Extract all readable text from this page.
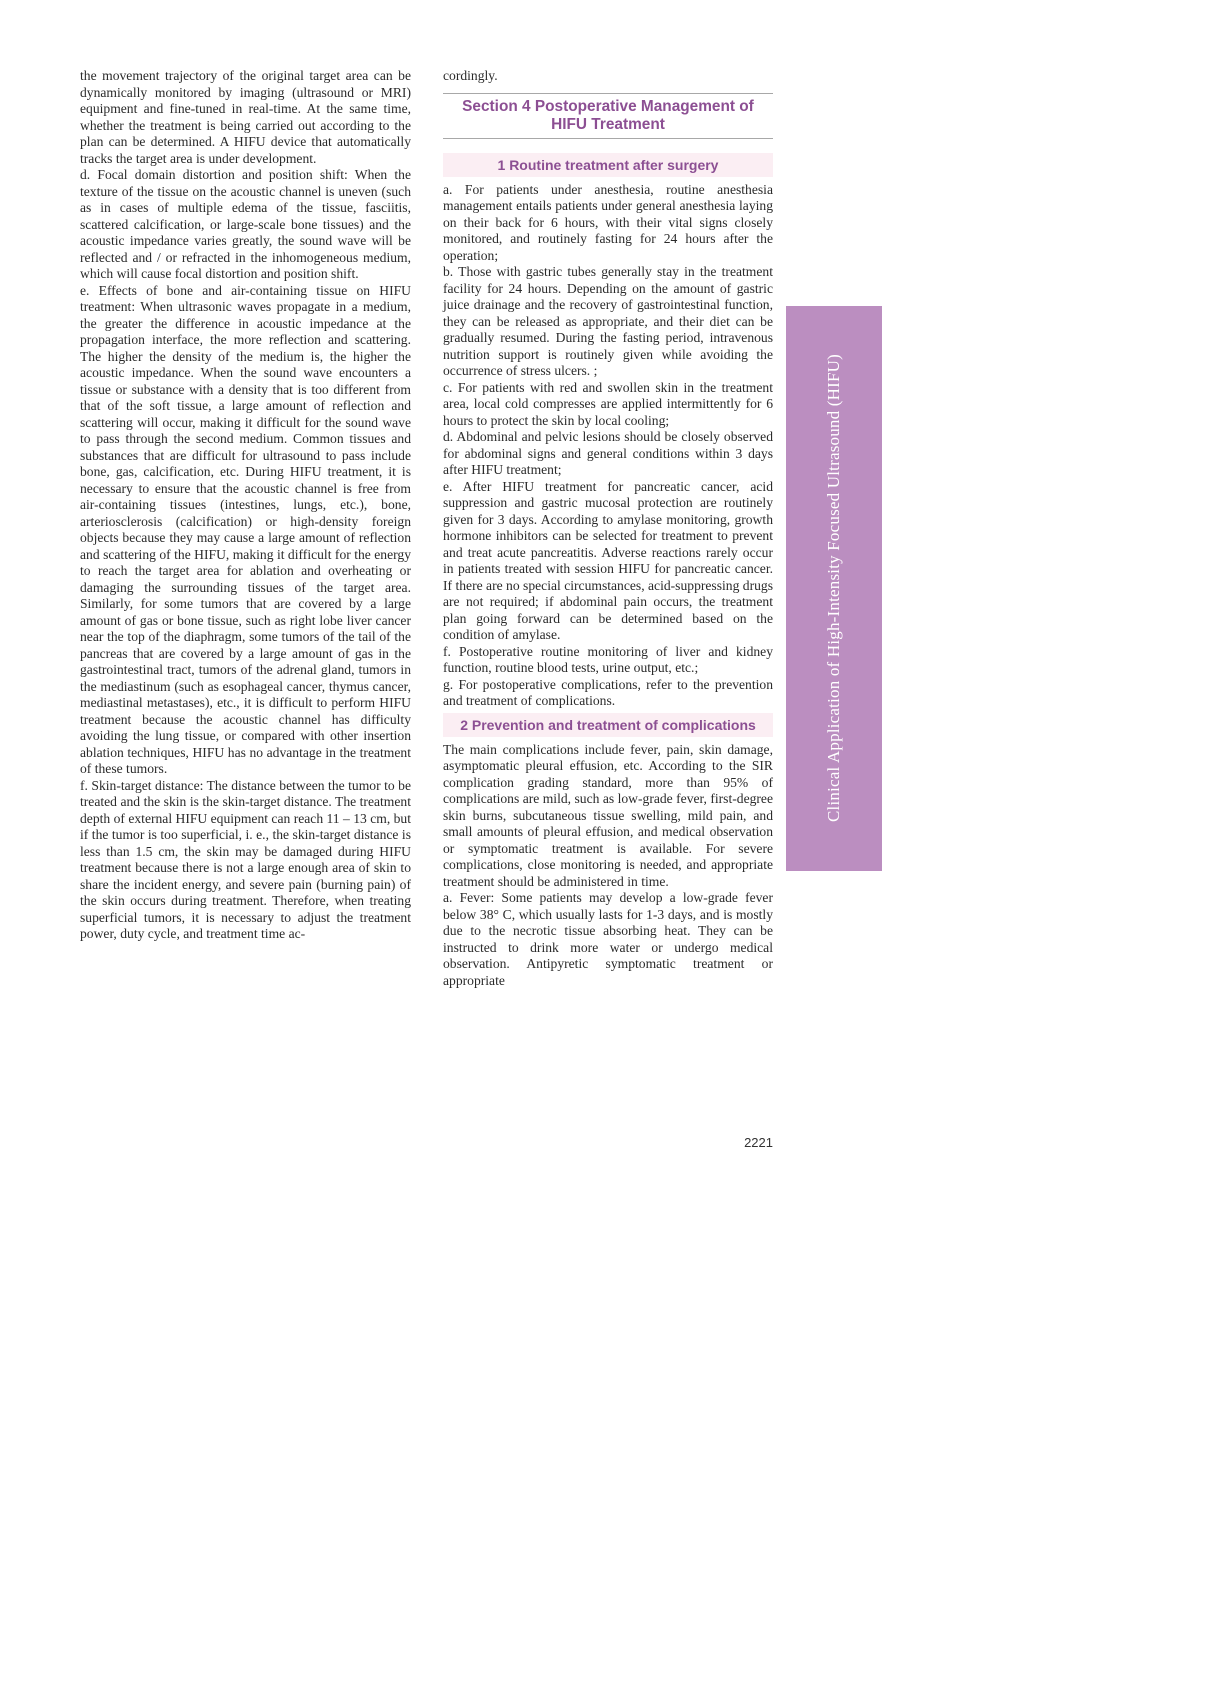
the movement trajectory of the original target area can be dynamically monitored by imaging (ultrasound or MRI) equipment and fine-tuned in real-time. At the same time, whether the treatment is being carried out according to the plan can be determined. A HIFU device that automatically tracks the target area is under development.

d. Focal domain distortion and position shift: When the texture of the tissue on the acoustic channel is uneven (such as in cases of multiple edema of the tissue, fasciitis, scattered calcification, or large-scale bone tissues) and the acoustic impedance varies greatly, the sound wave will be reflected and / or refracted in the inhomogeneous medium, which will cause focal distortion and position shift.

e. Effects of bone and air-containing tissue on HIFU treatment: When ultrasonic waves propagate in a medium, the greater the difference in acoustic impedance at the propagation interface, the more reflection and scattering. The higher the density of the medium is, the higher the acoustic impedance. When the sound wave encounters a tissue or substance with a density that is too different from that of the soft tissue, a large amount of reflection and scattering will occur, making it difficult for the sound wave to pass through the second medium. Common tissues and substances that are difficult for ultrasound to pass include bone, gas, calcification, etc. During HIFU treatment, it is necessary to ensure that the acoustic channel is free from air-containing tissues (intestines, lungs, etc.), bone, arteriosclerosis (calcification) or high-density foreign objects because they may cause a large amount of reflection and scattering of the HIFU, making it difficult for the energy to reach the target area for ablation and overheating or damaging the surrounding tissues of the target area. Similarly, for some tumors that are covered by a large amount of gas or bone tissue, such as right lobe liver cancer near the top of the diaphragm, some tumors of the tail of the pancreas that are covered by a large amount of gas in the gastrointestinal tract, tumors of the adrenal gland, tumors in the mediastinum (such as esophageal cancer, thymus cancer, mediastinal metastases), etc., it is difficult to perform HIFU treatment because the acoustic channel has difficulty avoiding the lung tissue, or compared with other insertion ablation techniques, HIFU has no advantage in the treatment of these tumors.

f. Skin-target distance: The distance between the tumor to be treated and the skin is the skin-target distance. The treatment depth of external HIFU equipment can reach 11 – 13 cm, but if the tumor is too superficial, i. e., the skin-target distance is less than 1.5 cm, the skin may be damaged during HIFU treatment because there is not a large enough area of skin to share the incident energy, and severe pain (burning pain) of the skin occurs during treatment. Therefore, when treating superficial tumors, it is necessary to adjust the treatment power, duty cycle, and treatment time ac-

cordingly.

Section 4 Postoperative Management of HIFU Treatment
1 Routine treatment after surgery

a. For patients under anesthesia, routine anesthesia management entails patients under general anesthesia laying on their back for 6 hours, with their vital signs closely monitored, and routinely fasting for 24 hours after the operation;

b. Those with gastric tubes generally stay in the treatment facility for 24 hours. Depending on the amount of gastric juice drainage and the recovery of gastrointestinal function, they can be released as appropriate, and their diet can be gradually resumed. During the fasting period, intravenous nutrition support is routinely given while avoiding the occurrence of stress ulcers. ;

c. For patients with red and swollen skin in the treatment area, local cold compresses are applied intermittently for 6 hours to protect the skin by local cooling;

d. Abdominal and pelvic lesions should be closely observed for abdominal signs and general conditions within 3 days after HIFU treatment;

e. After HIFU treatment for pancreatic cancer, acid suppression and gastric mucosal protection are routinely given for 3 days. According to amylase monitoring, growth hormone inhibitors can be selected for treatment to prevent and treat acute pancreatitis. Adverse reactions rarely occur in patients treated with session HIFU for pancreatic cancer. If there are no special circumstances, acid-suppressing drugs are not required; if abdominal pain occurs, the treatment plan going forward can be determined based on the condition of amylase.

f. Postoperative routine monitoring of liver and kidney function, routine blood tests, urine output, etc.;

g. For postoperative complications, refer to the prevention and treatment of complications.

2 Prevention and treatment of complications

The main complications include fever, pain, skin damage, asymptomatic pleural effusion, etc. According to the SIR complication grading standard, more than 95% of complications are mild, such as low-grade fever, first-degree skin burns, subcutaneous tissue swelling, mild pain, and small amounts of pleural effusion, and medical observation or symptomatic treatment is available. For severe complications, close monitoring is needed, and appropriate treatment should be administered in time.

a. Fever: Some patients may develop a low-grade fever below 38° C, which usually lasts for 1-3 days, and is mostly due to the necrotic tissue absorbing heat. They can be instructed to drink more water or undergo medical observation. Antipyretic symptomatic treatment or appropriate

Clinical Application of High-Intensity Focused Ultrasound (HIFU)
2221
